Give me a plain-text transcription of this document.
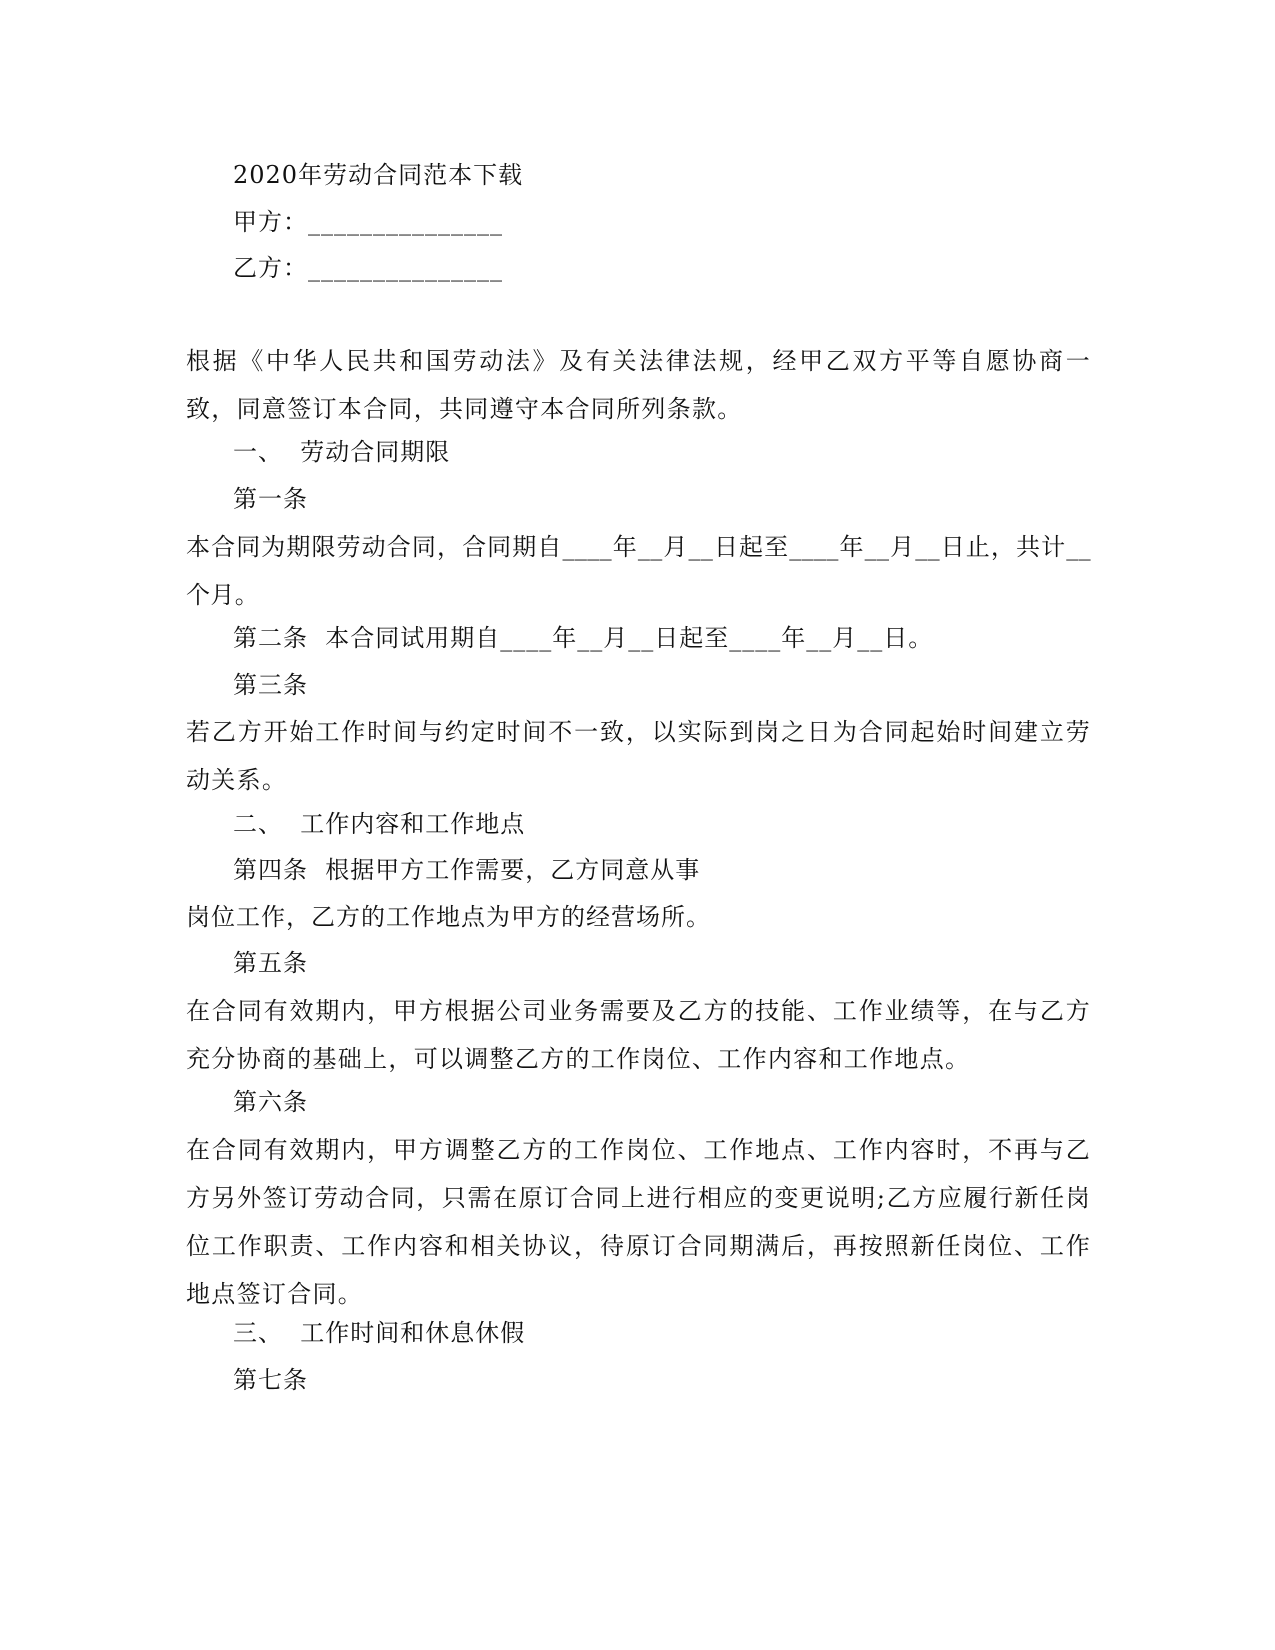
2020年劳动合同范本下载
甲方：_______________
乙方：_______________
根据《中华人民共和国劳动法》及有关法律法规，经甲乙双方平等自愿协商一致，同意签订本合同，共同遵守本合同所列条款。
一、  劳动合同期限
第一条
本合同为期限劳动合同，合同期自____年__月__日起至____年__月__日止，共计__个月。
第二条  本合同试用期自____年__月__日起至____年__月__日。
第三条
若乙方开始工作时间与约定时间不一致，以实际到岗之日为合同起始时间建立劳动关系。
二、  工作内容和工作地点
第四条  根据甲方工作需要，乙方同意从事
岗位工作，乙方的工作地点为甲方的经营场所。
第五条
在合同有效期内，甲方根据公司业务需要及乙方的技能、工作业绩等，在与乙方充分协商的基础上，可以调整乙方的工作岗位、工作内容和工作地点。
第六条
在合同有效期内，甲方调整乙方的工作岗位、工作地点、工作内容时，不再与乙方另外签订劳动合同，只需在原订合同上进行相应的变更说明;乙方应履行新任岗位工作职责、工作内容和相关协议，待原订合同期满后，再按照新任岗位、工作地点签订合同。
三、  工作时间和休息休假
第七条
